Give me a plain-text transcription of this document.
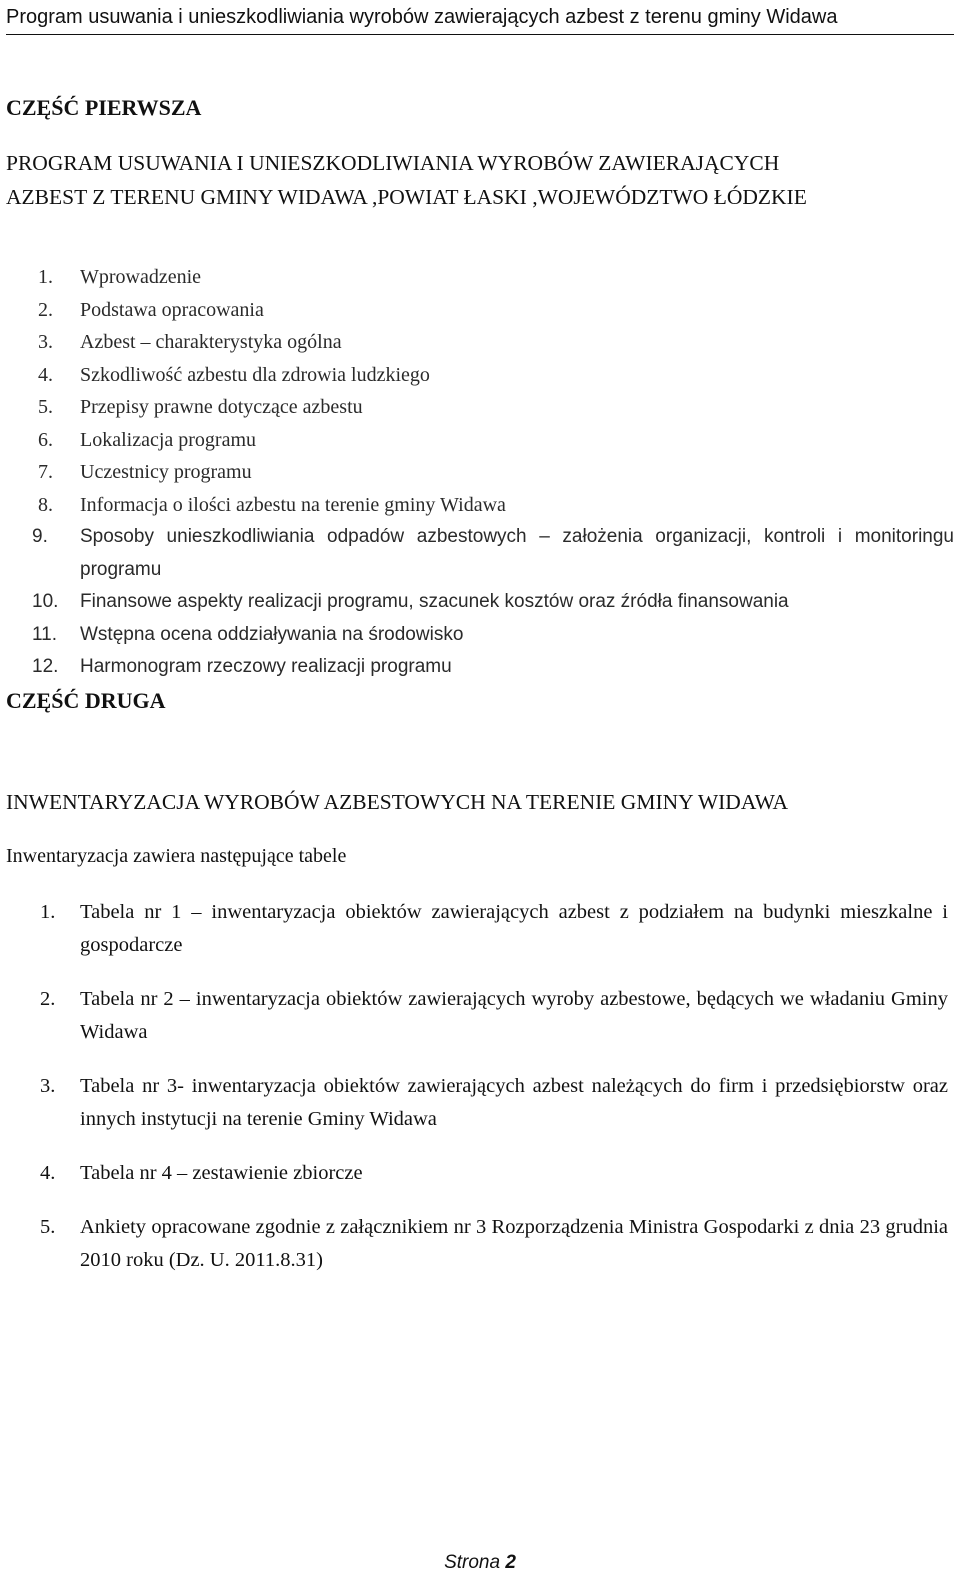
Program usuwania i unieszkodliwiania wyrobów zawierających azbest z terenu gminy Widawa
CZĘŚĆ PIERWSZA
PROGRAM USUWANIA I UNIESZKODLIWIANIA WYROBÓW ZAWIERAJĄCYCH
AZBEST Z TERENU GMINY WIDAWA ,POWIAT ŁASKI ,WOJEWÓDZTWO ŁÓDZKIE
1. Wprowadzenie
2. Podstawa opracowania
3. Azbest – charakterystyka ogólna
4. Szkodliwość azbestu dla zdrowia ludzkiego
5. Przepisy prawne dotyczące azbestu
6. Lokalizacja programu
7. Uczestnicy programu
8. Informacja o ilości azbestu na terenie gminy Widawa
9. Sposoby unieszkodliwiania odpadów azbestowych – założenia organizacji, kontroli i monitoringu programu
10. Finansowe aspekty realizacji programu, szacunek kosztów oraz źródła finansowania
11. Wstępna ocena oddziaływania na środowisko
12. Harmonogram rzeczowy realizacji programu
CZĘŚĆ DRUGA
INWENTARYZACJA WYROBÓW AZBESTOWYCH NA TERENIE GMINY WIDAWA
Inwentaryzacja zawiera następujące tabele
1. Tabela nr 1 – inwentaryzacja obiektów zawierających azbest z podziałem na budynki mieszkalne i gospodarcze
2. Tabela nr 2 – inwentaryzacja obiektów zawierających wyroby azbestowe, będących we władaniu Gminy Widawa
3. Tabela nr 3- inwentaryzacja obiektów zawierających azbest należących do firm i przedsiębiorstw oraz innych instytucji na terenie Gminy Widawa
4. Tabela nr 4 – zestawienie zbiorcze
5. Ankiety opracowane zgodnie z załącznikiem nr 3 Rozporządzenia Ministra Gospodarki z dnia 23 grudnia 2010 roku (Dz. U. 2011.8.31)
Strona 2
